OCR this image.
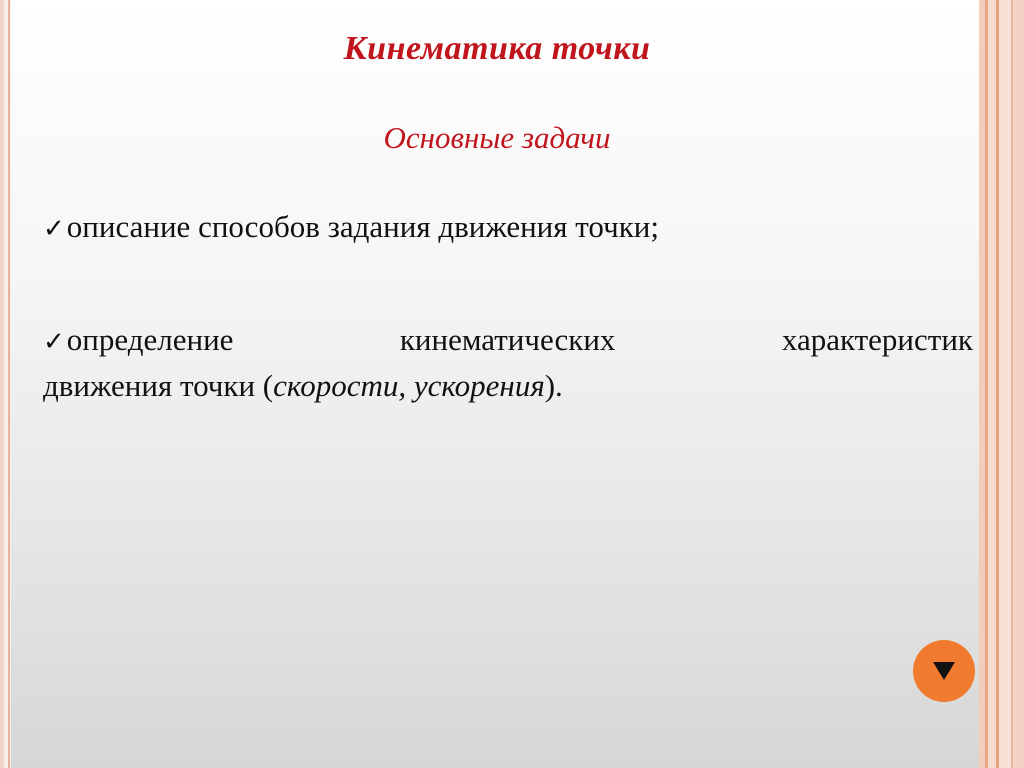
Кинематика точки
Основные задачи
✓описание способов задания движения точки;
✓определение	кинематических	характеристик
движения точки (скорости, ускорения).
